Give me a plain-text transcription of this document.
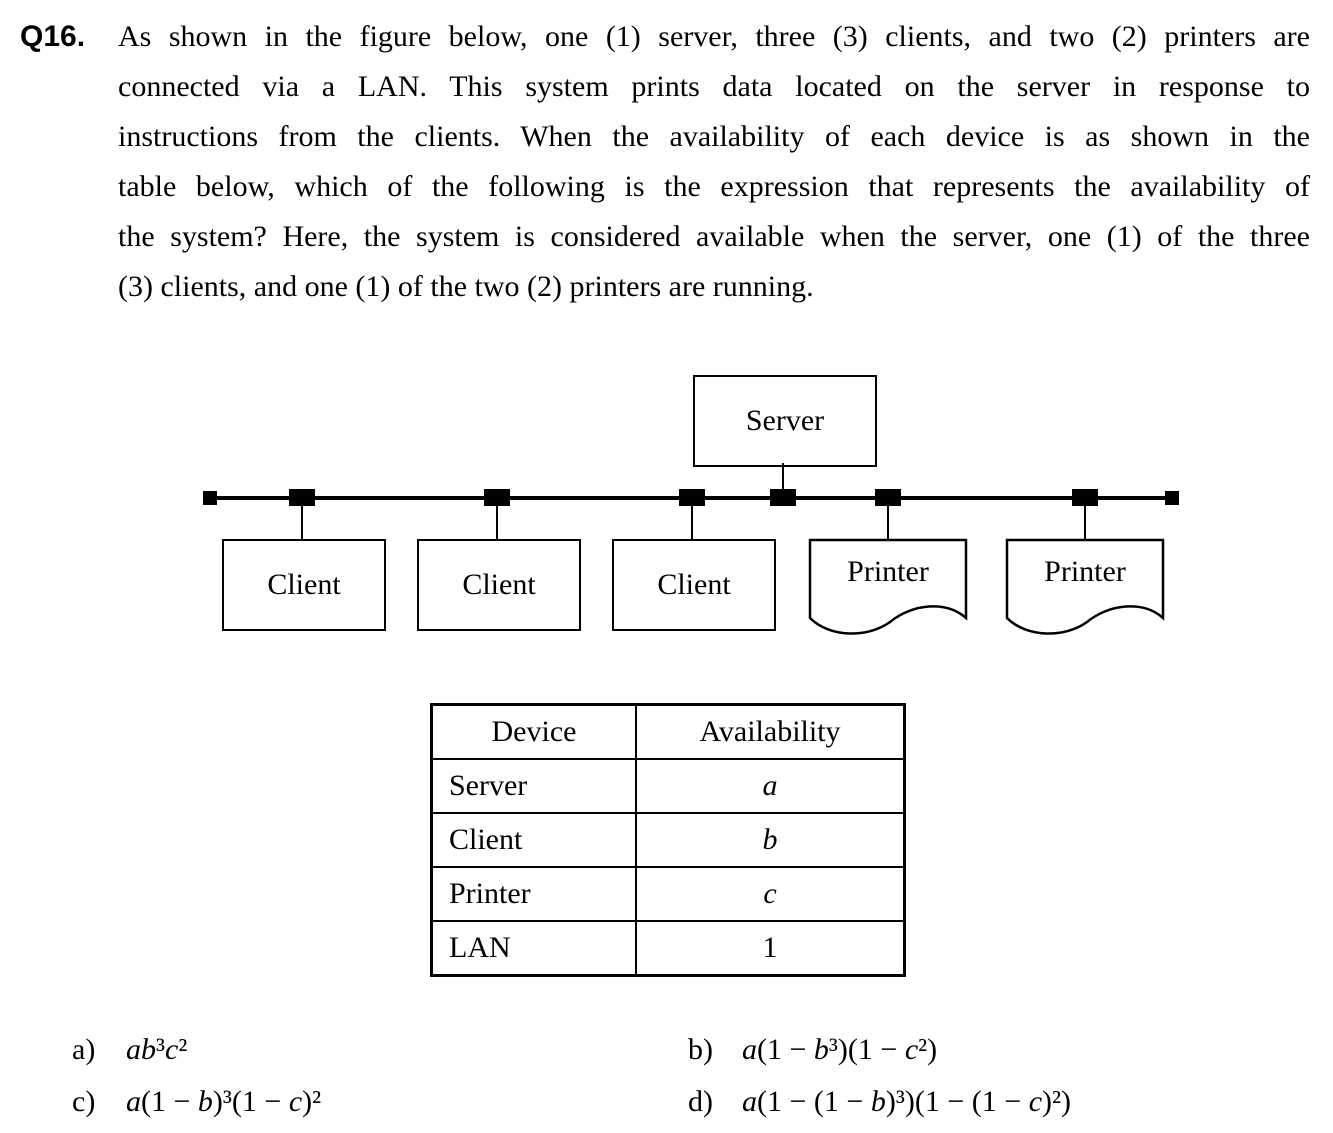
Q16. As shown in the figure below, one (1) server, three (3) clients, and two (2) printers are
connected via a LAN. This system prints data located on the server in response to
instructions from the clients. When the availability of each device is as shown in the
table below, which of the following is the expression that represents the availability of
the system? Here, the system is considered available when the server, one (1) of the three
(3) clients, and one (1) of the two (2) printers are running.
Server
Client	Client	Client	Printer	Printer
Device	Availability
Server	a
Client	b
Printer	c
LAN	1
a)	ab³c²	b) a(1 − b³)(1 − c²)
c)	a(1 − b)³(1 − c)²	d) a(1 − (1 − b)³)(1 − (1 − c)²)
